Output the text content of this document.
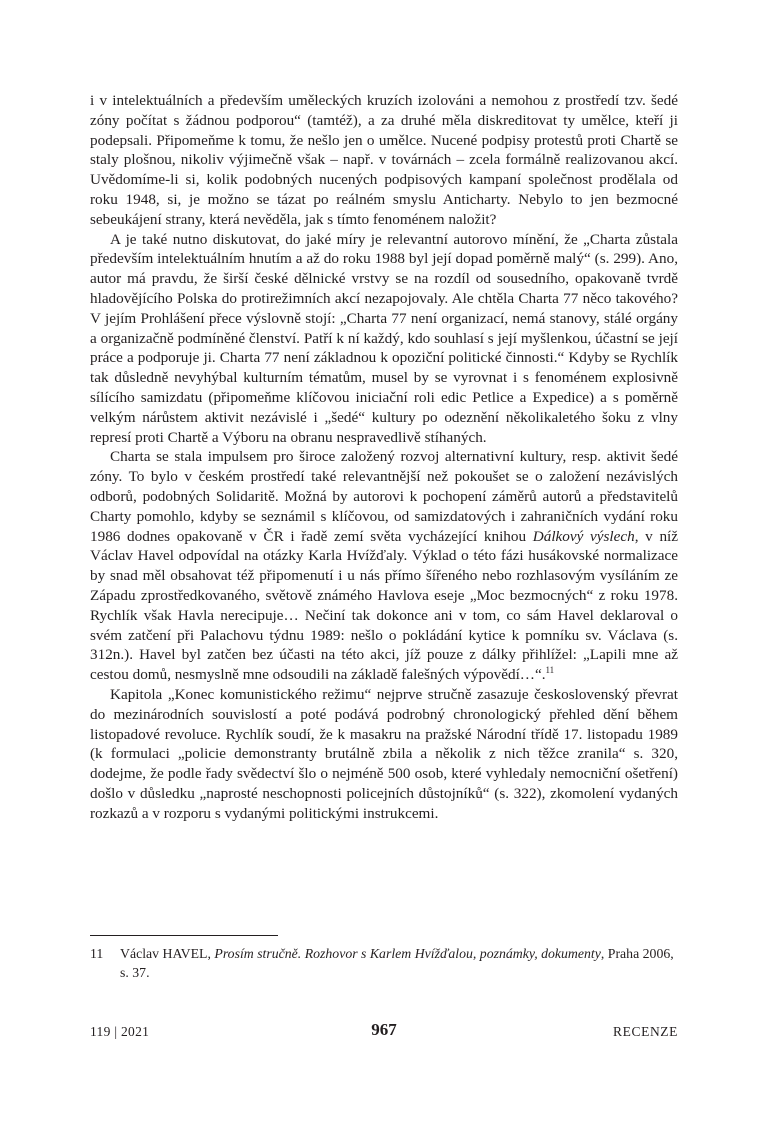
i v intelektuálních a především uměleckých kruzích izolováni a nemohou z prostředí tzv. šedé zóny počítat s žádnou podporou“ (tamtéž), a za druhé měla diskreditovat ty umělce, kteří ji podepsali. Připomeňme k tomu, že nešlo jen o umělce. Nucené podpisy protestů proti Chartě se staly plošnou, nikoliv výjimečně však – např. v továrnách – zcela formálně realizovanou akcí. Uvědomíme-li si, kolik podobných nucených podpisových kampaní společnost prodělala od roku 1948, si, je možno se tázat po reálném smyslu Anticharty. Nebylo to jen bezmocné sebeukájení strany, která nevěděla, jak s tímto fenoménem naložit?

A je také nutno diskutovat, do jaké míry je relevantní autorovo mínění, že „Charta zůstala především intelektuálním hnutím a až do roku 1988 byl její dopad poměrně malý“ (s. 299). Ano, autor má pravdu, že širší české dělnické vrstvy se na rozdíl od sousedního, opakovaně tvrdě hladovějícího Polska do protirežimních akcí nezapojovaly. Ale chtěla Charta 77 něco takového? V jejím Prohlášení přece výslovně stojí: „Charta 77 není organizací, nemá stanovy, stálé orgány a organizačně podmíněné členství. Patří k ní každý, kdo souhlasí s její myšlenkou, účastní se její práce a podporuje ji. Charta 77 není základnou k opoziční politické činnosti.“ Kdyby se Rychlík tak důsledně nevyhýbal kulturním tématům, musel by se vyrovnat i s fenoménem explosivně sílícího samizdatu (připomeňme klíčovou iniciační roli edic Petlice a Expedice) a s poměrně velkým nárůstem aktivit nezávislé i „šedé“ kultury po odeznění několikaletého šoku z vlny represí proti Chartě a Výboru na obranu nespravedlivě stíhaných.

Charta se stala impulsem pro široce založený rozvoj alternativní kultury, resp. aktivit šedé zóny. To bylo v českém prostředí také relevantnější než pokoušet se o založení nezávislých odborů, podobných Solidaritě. Možná by autorovi k pochopení záměrů autorů a představitelů Charty pomohlo, kdyby se seznámil s klíčovou, od samizdatových i zahraničních vydání roku 1986 dodnes opakovaně v ČR i řadě zemí světa vycházející knihou Dálkový výslech, v níž Václav Havel odpovídal na otázky Karla Hvížďaly. Výklad o této fázi husákovské normalizace by snad měl obsahovat též připomenutí i u nás přímo šířeného nebo rozhlasovým vysíláním ze Západu zprostředkovaného, světově známého Havlova eseje „Moc bezmocných“ z roku 1978. Rychlík však Havla nerecipuje… Nečiní tak dokonce ani v tom, co sám Havel deklaroval o svém zatčení při Palachovu týdnu 1989: nešlo o pokládání kytice k pomníku sv. Václava (s. 312n.). Havel byl zatčen bez účasti na této akci, jíž pouze z dálky přihlížel: „Lapili mne až cestou domů, nesmyslně mne odsoudili na základě falešných výpovědí…“.$^{11}$

Kapitola „Konec komunistického režimu“ nejprve stručně zasazuje československý převrat do mezinárodních souvislostí a poté podává podrobný chronologický přehled dění během listopadové revoluce. Rychlík soudí, že k masakru na pražské Národní třídě 17. listopadu 1989 (k formulaci „policie demonstranty brutálně zbila a několik z nich těžce zranila“ s. 320, dodejme, že podle řady svědectví šlo o nejméně 500 osob, které vyhledaly nemocniční ošetření) došlo v důsledku „naprosté neschopnosti policejních důstojníků“ (s. 322), zkomolení vydaných rozkazů a v rozporu s vydanými politickými instrukcemi.

11 Václav HAVEL, Prosím stručně. Rozhovor s Karlem Hvížďalou, poznámky, dokumenty, Praha 2006, s. 37.
119 | 2021	967	RECENZE
